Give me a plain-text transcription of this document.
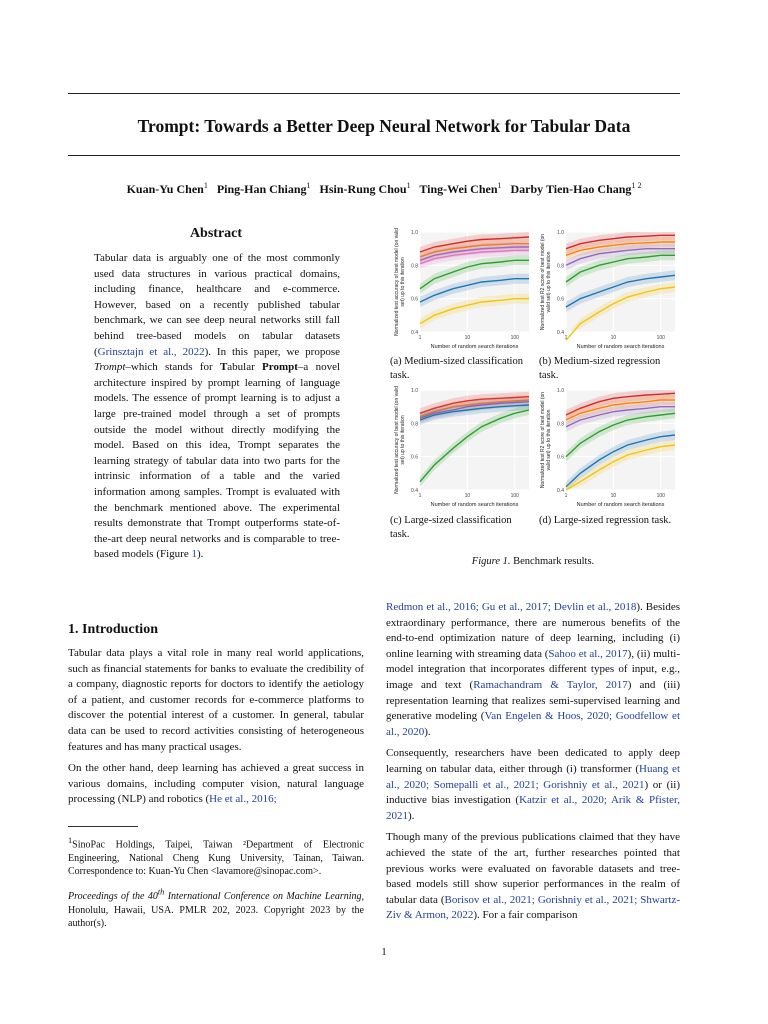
Trompt: Towards a Better Deep Neural Network for Tabular Data
Kuan-Yu Chen$^1$ Ping-Han Chiang$^1$ Hsin-Rung Chou$^1$ Ting-Wei Chen$^1$ Darby Tien-Hao Chang$^{1 2}$
Abstract

Tabular data is arguably one of the most commonly used data structures in various practical domains, including finance, healthcare and e-commerce. However, based on a recently published tabular benchmark, we can see deep neural networks still fall behind tree-based models on tabular datasets (Grinsztajn et al., 2022). In this paper, we propose Trompt–which stands for Tabular Prompt–a novel architecture inspired by prompt learning of language models. The essence of prompt learning is to adjust a large pre-trained model through a set of prompts outside the model without directly modifying the model. Based on this idea, Trompt separates the learning strategy of tabular data into two parts for the intrinsic information of a table and the varied information among samples. Trompt is evaluated with the benchmark mentioned above. The experimental results demonstrate that Trompt outperforms state-of-the-art deep neural networks and is comparable to tree-based models (Figure 1).

1. Introduction

Tabular data plays a vital role in many real world applications, such as financial statements for banks to evaluate the credibility of a company, diagnostic reports for doctors to identify the aetiology of a patient, and customer records for e-commerce platforms to discover the potential interest of a customer. In general, tabular data can be used to record activities consisting of heterogeneous features and has many practical usages.

On the other hand, deep learning has achieved a great success in various domains, including computer vision, natural language processing (NLP) and robotics (He et al., 2016;

$^1$SinoPac Holdings, Taipei, Taiwan ²Department of Electronic Engineering, National Cheng Kung University, Tainan, Taiwan. Correspondence to: Kuan-Yu Chen <lavamore@sinopac.com>.
Proceedings of the 40th International Conference on Machine Learning, Honolulu, Hawaii, USA. PMLR 202, 2023. Copyright 2023 by the author(s).

Redmon et al., 2016; Gu et al., 2017; Devlin et al., 2018). Besides extraordinary performance, there are numerous benefits of the end-to-end optimization nature of deep learning, including (i) online learning with streaming data (Sahoo et al., 2017), (ii) multi-model integration that incorporates different types of input, e.g., image and text (Ramachandram & Taylor, 2017) and (iii) representation learning that realizes semi-supervised learning and generative modeling (Van Engelen & Hoos, 2020; Goodfellow et al., 2020).

Consequently, researchers have been dedicated to apply deep learning on tabular data, either through (i) transformer (Huang et al., 2020; Somepalli et al., 2021; Gorishniy et al., 2021) or (ii) inductive bias investigation (Katzir et al., 2020; Arik & Pfister, 2021).

Though many of the previous publications claimed that they have achieved the state of the art, further researches pointed that previous works were evaluated on favorable datasets and tree-based models still show superior performances in the realm of tabular data (Borisov et al., 2021; Gorishniy et al., 2021; Shwartz-Ziv & Armon, 2022). For a fair comparison

0.4
0.6
0.8
1.0
1	10	100
Number of random search iterations
Normalized test accuracy of best model (on valid set) up to this iteration
0.4
0.6
0.8
1.0
1	10	100
Number of random search iterations
Normalized test R2 score of best model (on valid set) up to this iteration
0.4
0.6
0.8
1.0
1	10	100
Number of random search iterations
Normalized test accuracy of best model (on valid set) up to this iteration
0.4
0.6
0.8
1.0
1	10	100
Number of random search iterations
Normalized test R2 score of best model (on valid set) up to this iteration
(a) Medium-sized classification task.
(b) Medium-sized regression task.
(c) Large-sized classification task.
(d) Large-sized regression task.
Figure 1. Benchmark results.
1
